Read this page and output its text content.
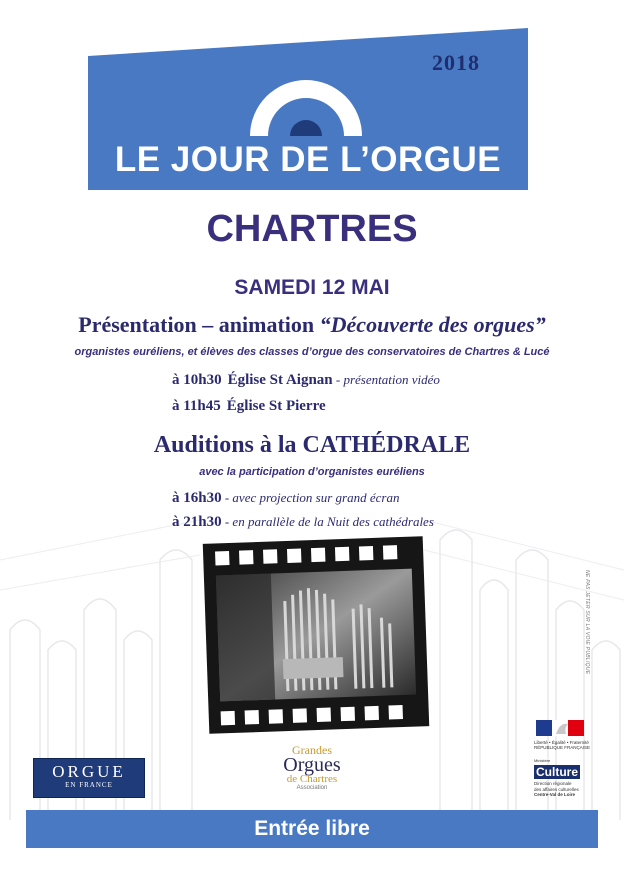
2018
LE JOUR DE L’ORGUE
CHARTRES
SAMEDI 12 MAI
Présentation – animation “Découverte des orgues”
organistes euréliens, et élèves des classes d’orgue des conservatoires de Chartres & Lucé
à 10h30 Église St Aignan - présentation vidéo
à 11h45 Église St Pierre
Auditions à la CATHÉDRALE
avec la participation d’organistes euréliens
à 16h30 - avec projection sur grand écran
à 21h30 - en parallèle de la Nuit des cathédrales
NE PAS JETER SUR LA VOIE PUBLIQUE
ORGUE
EN FRANCE
Grandes
Orgues
de Chartres
Association
Liberté • Égalité • Fraternité
RÉPUBLIQUE FRANÇAISE
Ministère
Culture
Direction régionale
des affaires culturelles
Centre-Val de Loire
Entrée libre
